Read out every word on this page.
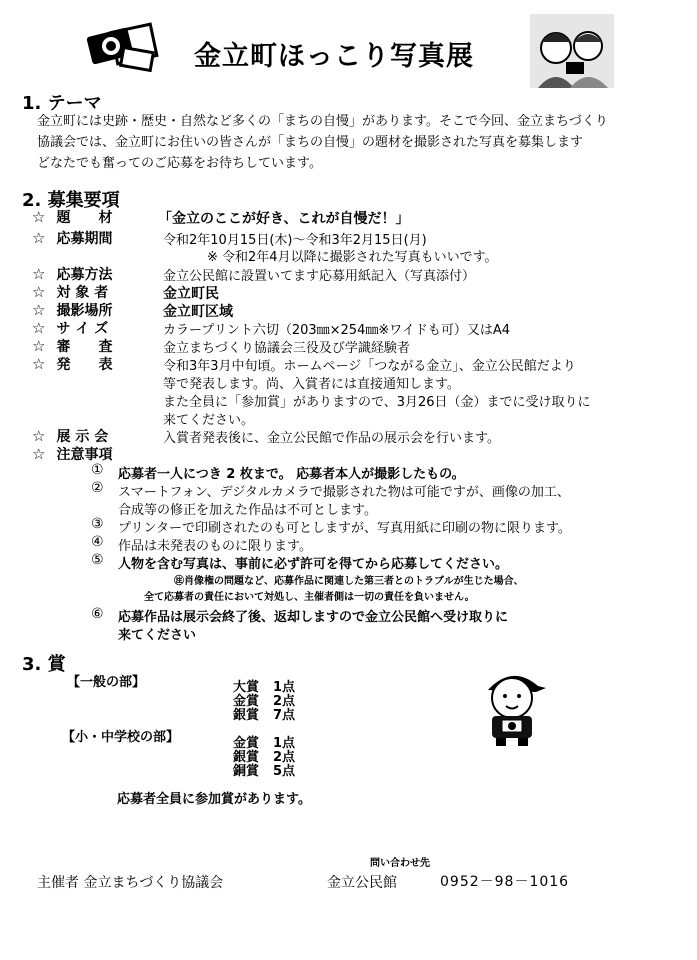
金立町ほっこり写真展
1. テーマ
金立町には史跡・歴史・自然など多くの「まちの自慢」があります。そこで今回、金立まちづくり
協議会では、金立町にお住いの皆さんが「まちの自慢」の題材を撮影された写真を募集します
どなたでも奮ってのご応募をお待ちしています。
2. 募集要項
☆ 題　　材	「金立のここが好き、これが自慢だ！」
☆ 応募期間	令和2年10月15日(木)～令和3年2月15日(月)
※ 令和2年4月以降に撮影された写真もいいです。
☆ 応募方法	金立公民館に設置いてます応募用紙記入（写真添付）
☆ 対 象 者	金立町民
☆ 撮影場所	金立町区域
☆ サ イ ズ	カラープリント六切（203㎜×254㎜※ワイドも可）又はA4
☆ 審　　査	金立まちづくり協議会三役及び学識経験者
☆ 発　　表	令和3年3月中旬頃。ホームページ「つながる金立」、金立公民館だより
等で発表します。尚、入賞者には直接通知します。
また全員に「参加賞」がありますので、3月26日（金）までに受け取りに
来てください。
☆ 展 示 会	入賞者発表後に、金立公民館で作品の展示会を行います。
☆ 注意事項
① 応募者一人につき 2 枚まで。 応募者本人が撮影したもの。
② スマートフォン、デジタルカメラで撮影された物は可能ですが、画像の加工、
合成等の修正を加えた作品は不可とします。
③ プリンターで印刷されたのも可としますが、写真用紙に印刷の物に限ります。
④ 作品は未発表のものに限ります。
⑤ 人物を含む写真は、事前に必ず許可を得てから応募してください。
㊟肖像権の問題など、応募作品に関連した第三者とのトラブルが生じた場合、
全て応募者の責任において対処し、主催者側は一切の責任を負いません。
⑥ 応募作品は展示会終了後、返却しますので金立公民館へ受け取りに
来てください
3. 賞
【一般の部】	大賞 1点
金賞 2点
銀賞 7点
【小・中学校の部】	金賞 1点
銀賞 2点
銅賞 5点
応募者全員に参加賞があります。
主催者 金立まちづくり協議会
問い合わせ先
金立公民館	0952－98－1016
